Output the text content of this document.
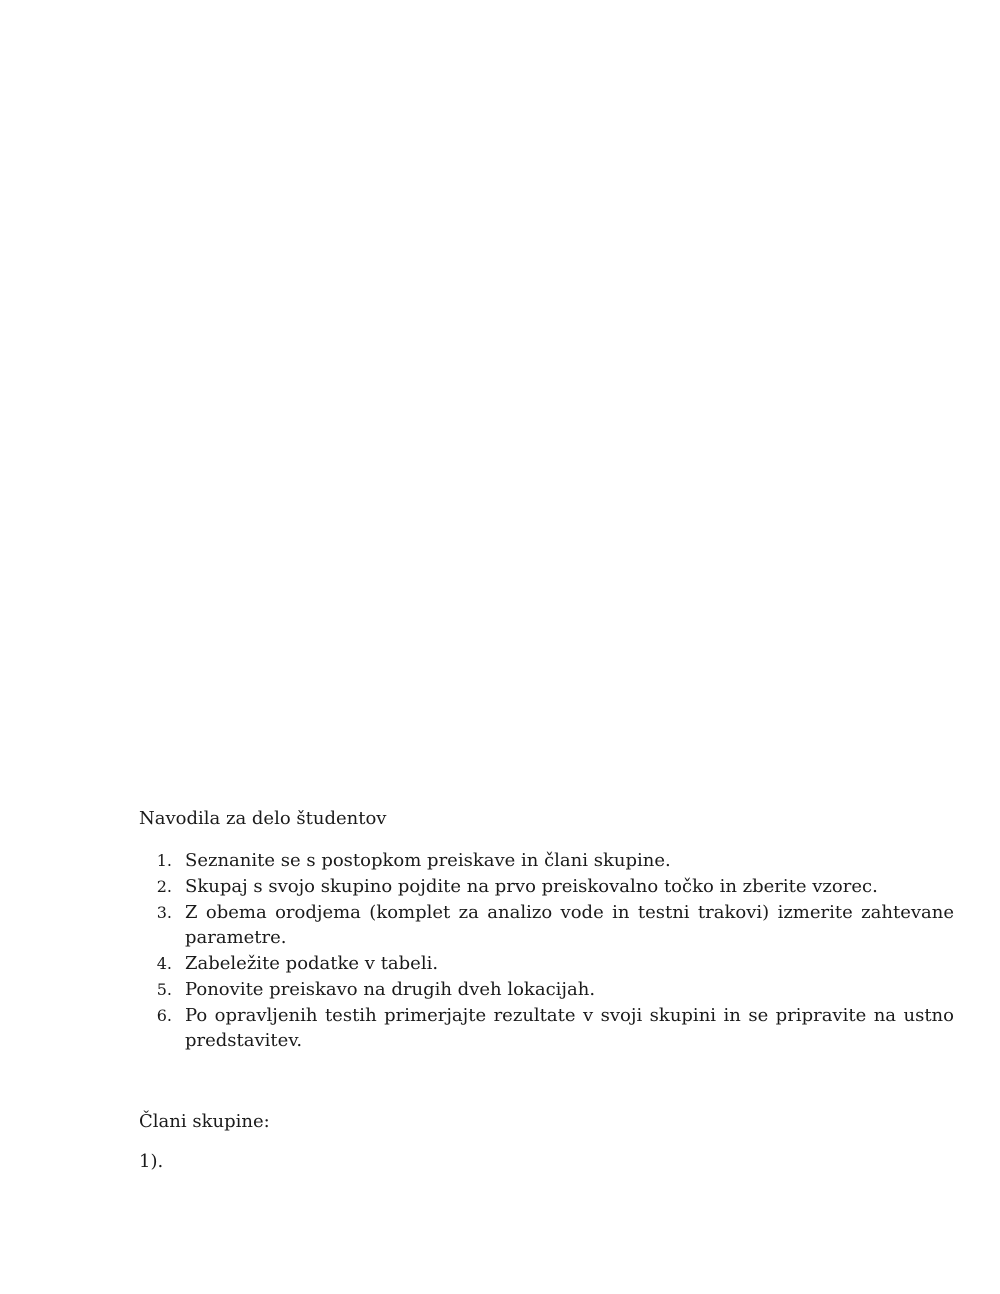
Navodila za delo študentov

1. Seznanite se s postopkom preiskave in člani skupine.
2. Skupaj s svojo skupino pojdite na prvo preiskovalno točko in zberite vzorec.
3. Z obema orodjema (komplet za analizo vode in testni trakovi) izmerite zahtevane parametre.
4. Zabeležite podatke v tabeli.
5. Ponovite preiskavo na drugih dveh lokacijah.
6. Po opravljenih testih primerjajte rezultate v svoji skupini in se pripravite na ustno predstavitev.

Člani skupine:

1).
